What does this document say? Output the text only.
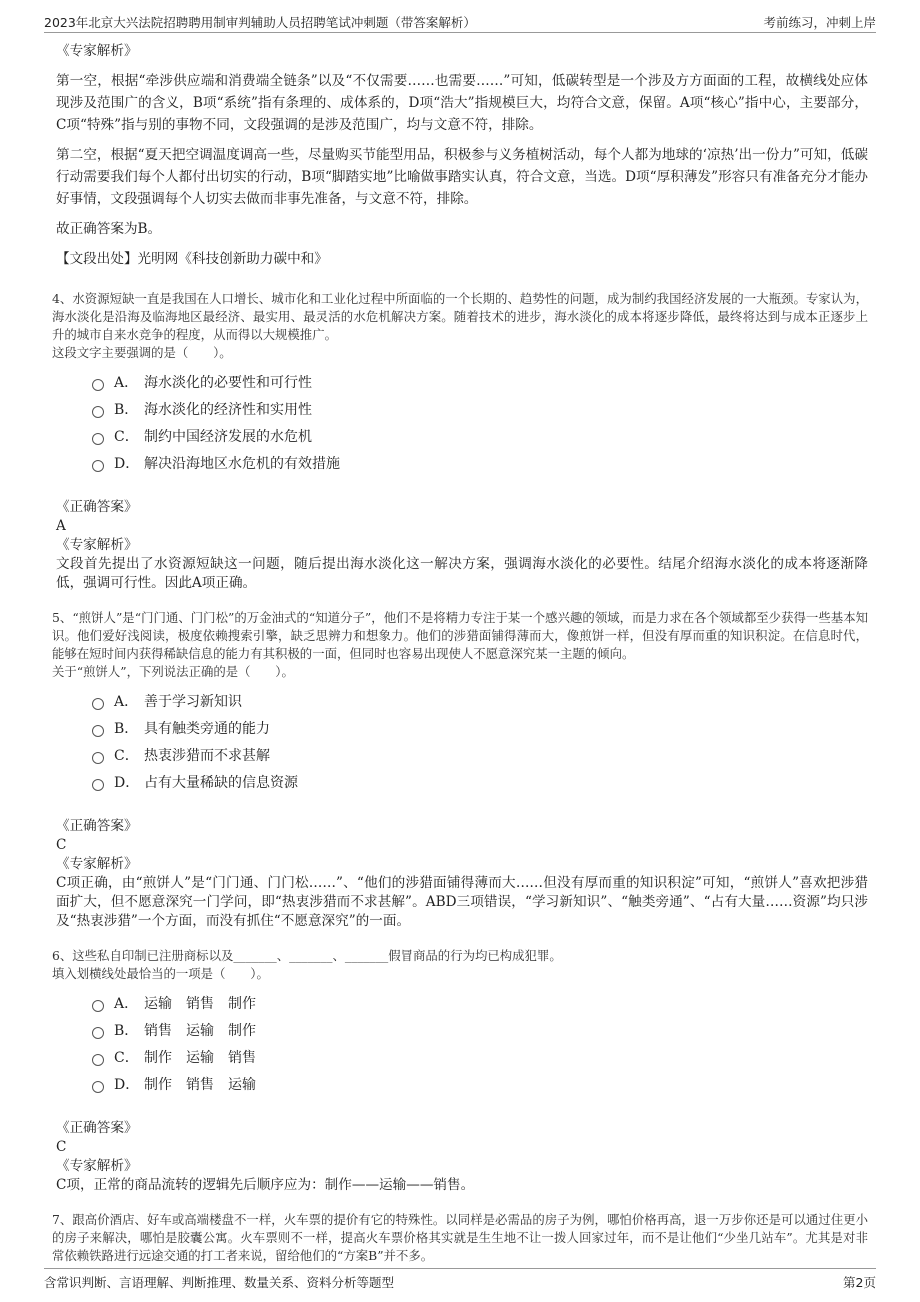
2023年北京大兴法院招聘聘用制审判辅助人员招聘笔试冲刺题（带答案解析）	考前练习，冲刺上岸
《专家解析》
第一空，根据“牵涉供应端和消费端全链条”以及“不仅需要……也需要……”可知，低碳转型是一个涉及方方面面的工程，故横线处应体现涉及范围广的含义，B项“系统”指有条理的、成体系的，D项“浩大”指规模巨大，均符合文意，保留。A项“核心”指中心，主要部分，C项“特殊”指与别的事物不同，文段强调的是涉及范围广，均与文意不符，排除。
第二空，根据“夏天把空调温度调高一些，尽量购买节能型用品，积极参与义务植树活动，每个人都为地球的‘凉热’出一份力”可知，低碳行动需要我们每个人都付出切实的行动，B项“脚踏实地”比喻做事踏实认真，符合文意，当选。D项“厚积薄发”形容只有准备充分才能办好事情，文段强调每个人切实去做而非事先准备，与文意不符，排除。
故正确答案为B。
【文段出处】光明网《科技创新助力碳中和》
4、水资源短缺一直是我国在人口增长、城市化和工业化过程中所面临的一个长期的、趋势性的问题，成为制约我国经济发展的一大瓶颈。专家认为，海水淡化是沿海及临海地区最经济、最实用、最灵活的水危机解决方案。随着技术的进步，海水淡化的成本将逐步降低，最终将达到与成本正逐步上升的城市自来水竞争的程度，从而得以大规模推广。
这段文字主要强调的是（　　）。
A． 海水淡化的必要性和可行性
B． 海水淡化的经济性和实用性
C． 制约中国经济发展的水危机
D． 解决沿海地区水危机的有效措施
《正确答案》
A
《专家解析》
文段首先提出了水资源短缺这一问题，随后提出海水淡化这一解决方案，强调海水淡化的必要性。结尾介绍海水淡化的成本将逐渐降低，强调可行性。因此A项正确。
5、“煎饼人”是“门门通、门门松”的万金油式的“知道分子”，他们不是将精力专注于某一个感兴趣的领域，而是力求在各个领域都至少获得一些基本知识。他们爱好浅阅读，极度依赖搜索引擎，缺乏思辨力和想象力。他们的涉猎面铺得薄而大，像煎饼一样，但没有厚而重的知识积淀。在信息时代，能够在短时间内获得稀缺信息的能力有其积极的一面，但同时也容易出现使人不愿意深究某一主题的倾向。
关于“煎饼人”，下列说法正确的是（　　）。
A． 善于学习新知识
B． 具有触类旁通的能力
C． 热衷涉猎而不求甚解
D． 占有大量稀缺的信息资源
《正确答案》
C
《专家解析》
C项正确，由“煎饼人”是“门门通、门门松……”、“他们的涉猎面铺得薄而大……但没有厚而重的知识积淀”可知，“煎饼人”喜欢把涉猎面扩大，但不愿意深究一门学问，即“热衷涉猎而不求甚解”。ABD三项错误，“学习新知识”、“触类旁通”、“占有大量……资源”均只涉及“热衷涉猎”一个方面，而没有抓住“不愿意深究”的一面。
6、这些私自印制已注册商标以及_______、_______、_______假冒商品的行为均已构成犯罪。
填入划横线处最恰当的一项是（　　）。
A． 运输　销售　制作
B． 销售　运输　制作
C． 制作　运输　销售
D． 制作　销售　运输
《正确答案》
C
《专家解析》
C项，正常的商品流转的逻辑先后顺序应为：制作——运输——销售。
7、跟高价酒店、好车或高端楼盘不一样，火车票的提价有它的特殊性。以同样是必需品的房子为例，哪怕价格再高，退一万步你还是可以通过住更小的房子来解决，哪怕是胶囊公寓。火车票则不一样，提高火车票价格其实就是生生地不让一拨人回家过年，而不是让他们“少坐几站车”。尤其是对非常依赖铁路进行远途交通的打工者来说，留给他们的“方案B”并不多。
含常识判断、言语理解、判断推理、数量关系、资料分析等题型	第2页
